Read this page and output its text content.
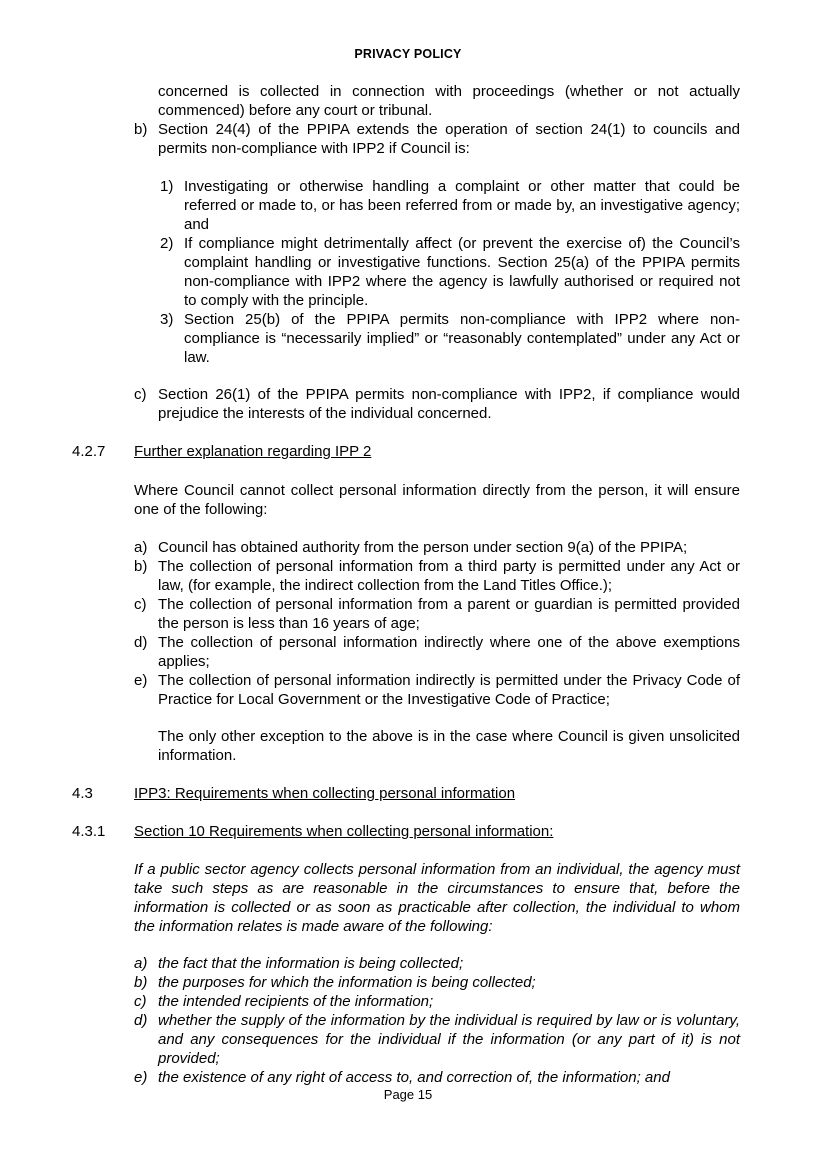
PRIVACY POLICY

concerned is collected in connection with proceedings (whether or not actually commenced) before any court or tribunal.

b) Section 24(4) of the PPIPA extends the operation of section 24(1) to councils and permits non-compliance with IPP2 if Council is:

1) Investigating or otherwise handling a complaint or other matter that could be referred or made to, or has been referred from or made by, an investigative agency; and

2) If compliance might detrimentally affect (or prevent the exercise of) the Council’s complaint handling or investigative functions. Section 25(a) of the PPIPA permits non-compliance with IPP2 where the agency is lawfully authorised or required not to comply with the principle.

3) Section 25(b) of the PPIPA permits non-compliance with IPP2 where non-compliance is “necessarily implied” or “reasonably contemplated” under any Act or law.

c) Section 26(1) of the PPIPA permits non-compliance with IPP2, if compliance would prejudice the interests of the individual concerned.

4.2.7 Further explanation regarding IPP 2

Where Council cannot collect personal information directly from the person, it will ensure one of the following:

a) Council has obtained authority from the person under section 9(a) of the PPIPA;

b) The collection of personal information from a third party is permitted under any Act or law, (for example, the indirect collection from the Land Titles Office.);

c) The collection of personal information from a parent or guardian is permitted provided the person is less than 16 years of age;

d) The collection of personal information indirectly where one of the above exemptions applies;

e) The collection of personal information indirectly is permitted under the Privacy Code of Practice for Local Government or the Investigative Code of Practice;

The only other exception to the above is in the case where Council is given unsolicited information.

4.3	IPP3: Requirements when collecting personal information
4.3.1 Section 10 Requirements when collecting personal information:

If a public sector agency collects personal information from an individual, the agency must take such steps as are reasonable in the circumstances to ensure that, before the information is collected or as soon as practicable after collection, the individual to whom the information relates is made aware of the following:

a) the fact that the information is being collected;

b) the purposes for which the information is being collected;

c) the intended recipients of the information;

d) whether the supply of the information by the individual is required by law or is voluntary, and any consequences for the individual if the information (or any part of it) is not provided;

e) the existence of any right of access to, and correction of, the information; and

Page 15
